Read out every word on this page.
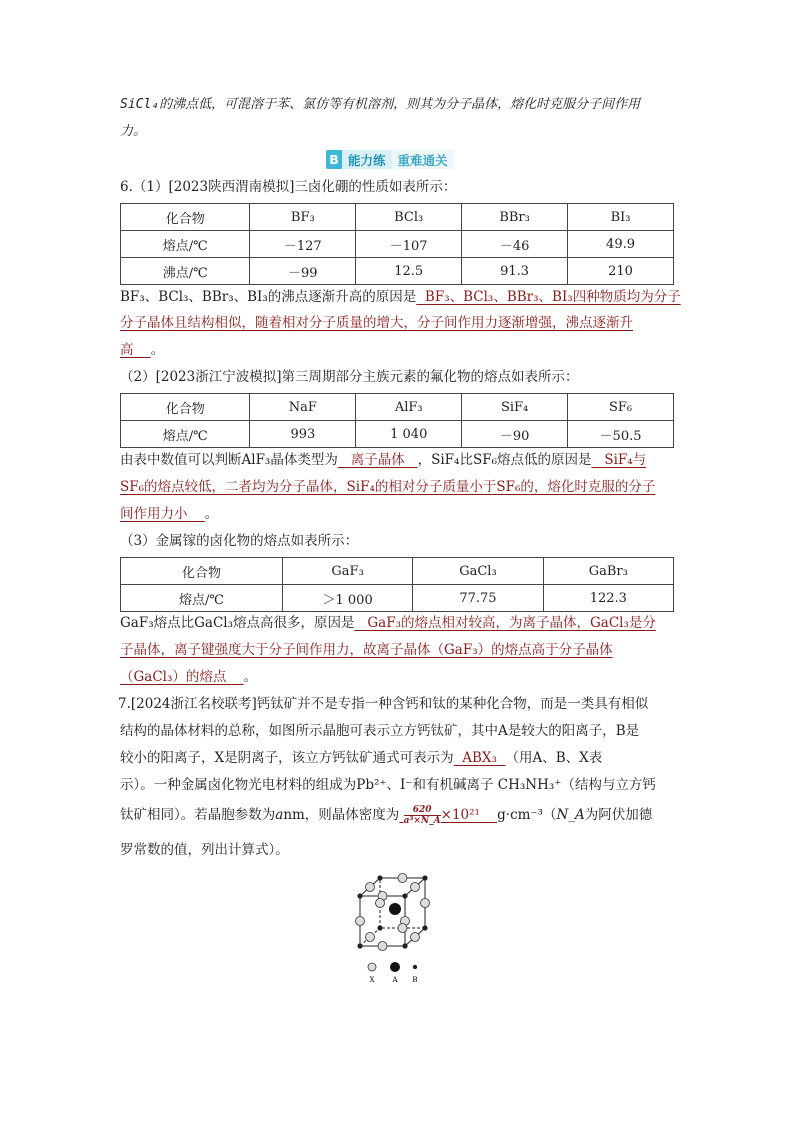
SiCl₄的沸点低，可混溶于苯、氯仿等有机溶剂，则其为分子晶体，熔化时克服分子间作用
力。
B 能力练 重难通关
6.（1）[2023陕西渭南模拟]三卤化硼的性质如表所示：
化合物	BF₃	BCl₃	BBr₃	BI₃
熔点/℃	－127	－107	－46	49.9
沸点/℃	－99	12.5	91.3	210
BF₃、BCl₃、BBr₃、BI₃的沸点逐渐升高的原因是 BF₃、BCl₃、BBr₃、BI₃四种物质均为分子
分子晶体且结构相似，随着相对分子质量的增大，分子间作用力逐渐增强，沸点逐渐升
高 。
（2）[2023浙江宁波模拟]第三周期部分主族元素的氟化物的熔点如表所示：
化合物	NaF	AlF₃	SiF₄	SF₆
熔点/℃	993	1 040	－90	－50.5
由表中数值可以判断AlF₃晶体类型为 离子晶体 ，SiF₄比SF₆熔点低的原因是 SiF₄与
SF₆的熔点较低，二者均为分子晶体，SiF₄的相对分子质量小于SF₆的，熔化时克服的分子
间作用力小 。
（3）金属镓的卤化物的熔点如表所示：
化合物	GaF₃	GaCl₃	GaBr₃
熔点/℃	＞1 000	77.75	122.3
GaF₃熔点比GaCl₃熔点高很多，原因是 GaF₃的熔点相对较高，为离子晶体，GaCl₃是分
子晶体，离子键强度大于分子间作用力，故离子晶体（GaF₃）的熔点高于分子晶体
（GaCl₃）的熔点 。
7.[2024浙江名校联考]钙钛矿并不是专指一种含钙和钛的某种化合物，而是一类具有相似
结构的晶体材料的总称，如图所示晶胞可表示立方钙钛矿，其中A是较大的阳离子，B是
较小的阳离子，X是阴离子，该立方钙钛矿通式可表示为 ABX₃ （用A、B、X表
示）。一种金属卤化物光电材料的组成为Pb²⁺、I⁻和有机碱离子 CH₃NH₃⁺（结构与立方钙
钛矿相同）。若晶胞参数为anm，则晶体密度为 $\frac{620}{\text{a³×N\_A}} \times 10^{21}$ g·cm⁻³（N_A为阿伏加德
罗常数的值，列出计算式）。
X	A B
